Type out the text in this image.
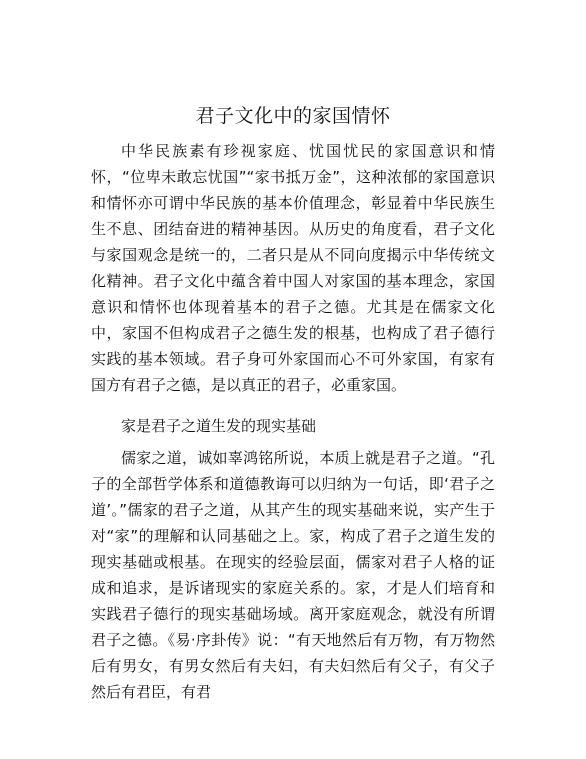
君子文化中的家国情怀

中华民族素有珍视家庭、忧国忧民的家国意识和情怀，“位卑未敢忘忧国”“家书抵万金”，这种浓郁的家国意识和情怀亦可谓中华民族的基本价值理念，彰显着中华民族生生不息、团结奋进的精神基因。从历史的角度看，君子文化与家国观念是统一的，二者只是从不同向度揭示中华传统文化精神。君子文化中蕴含着中国人对家国的基本理念，家国意识和情怀也体现着基本的君子之德。尤其是在儒家文化中，家国不但构成君子之德生发的根基，也构成了君子德行实践的基本领域。君子身可外家国而心不可外家国，有家有国方有君子之德，是以真正的君子，必重家国。

家是君子之道生发的现实基础

儒家之道，诚如辜鸿铭所说，本质上就是君子之道。“孔子的全部哲学体系和道德教诲可以归纳为一句话，即‘君子之道’。”儒家的君子之道，从其产生的现实基础来说，实产生于对“家”的理解和认同基础之上。家，构成了君子之道生发的现实基础或根基。在现实的经验层面，儒家对君子人格的证成和追求，是诉诸现实的家庭关系的。家，才是人们培育和实践君子德行的现实基础场域。离开家庭观念，就没有所谓君子之德。《易·序卦传》说：“有天地然后有万物，有万物然后有男女，有男女然后有夫妇，有夫妇然后有父子，有父子然后有君臣，有君
